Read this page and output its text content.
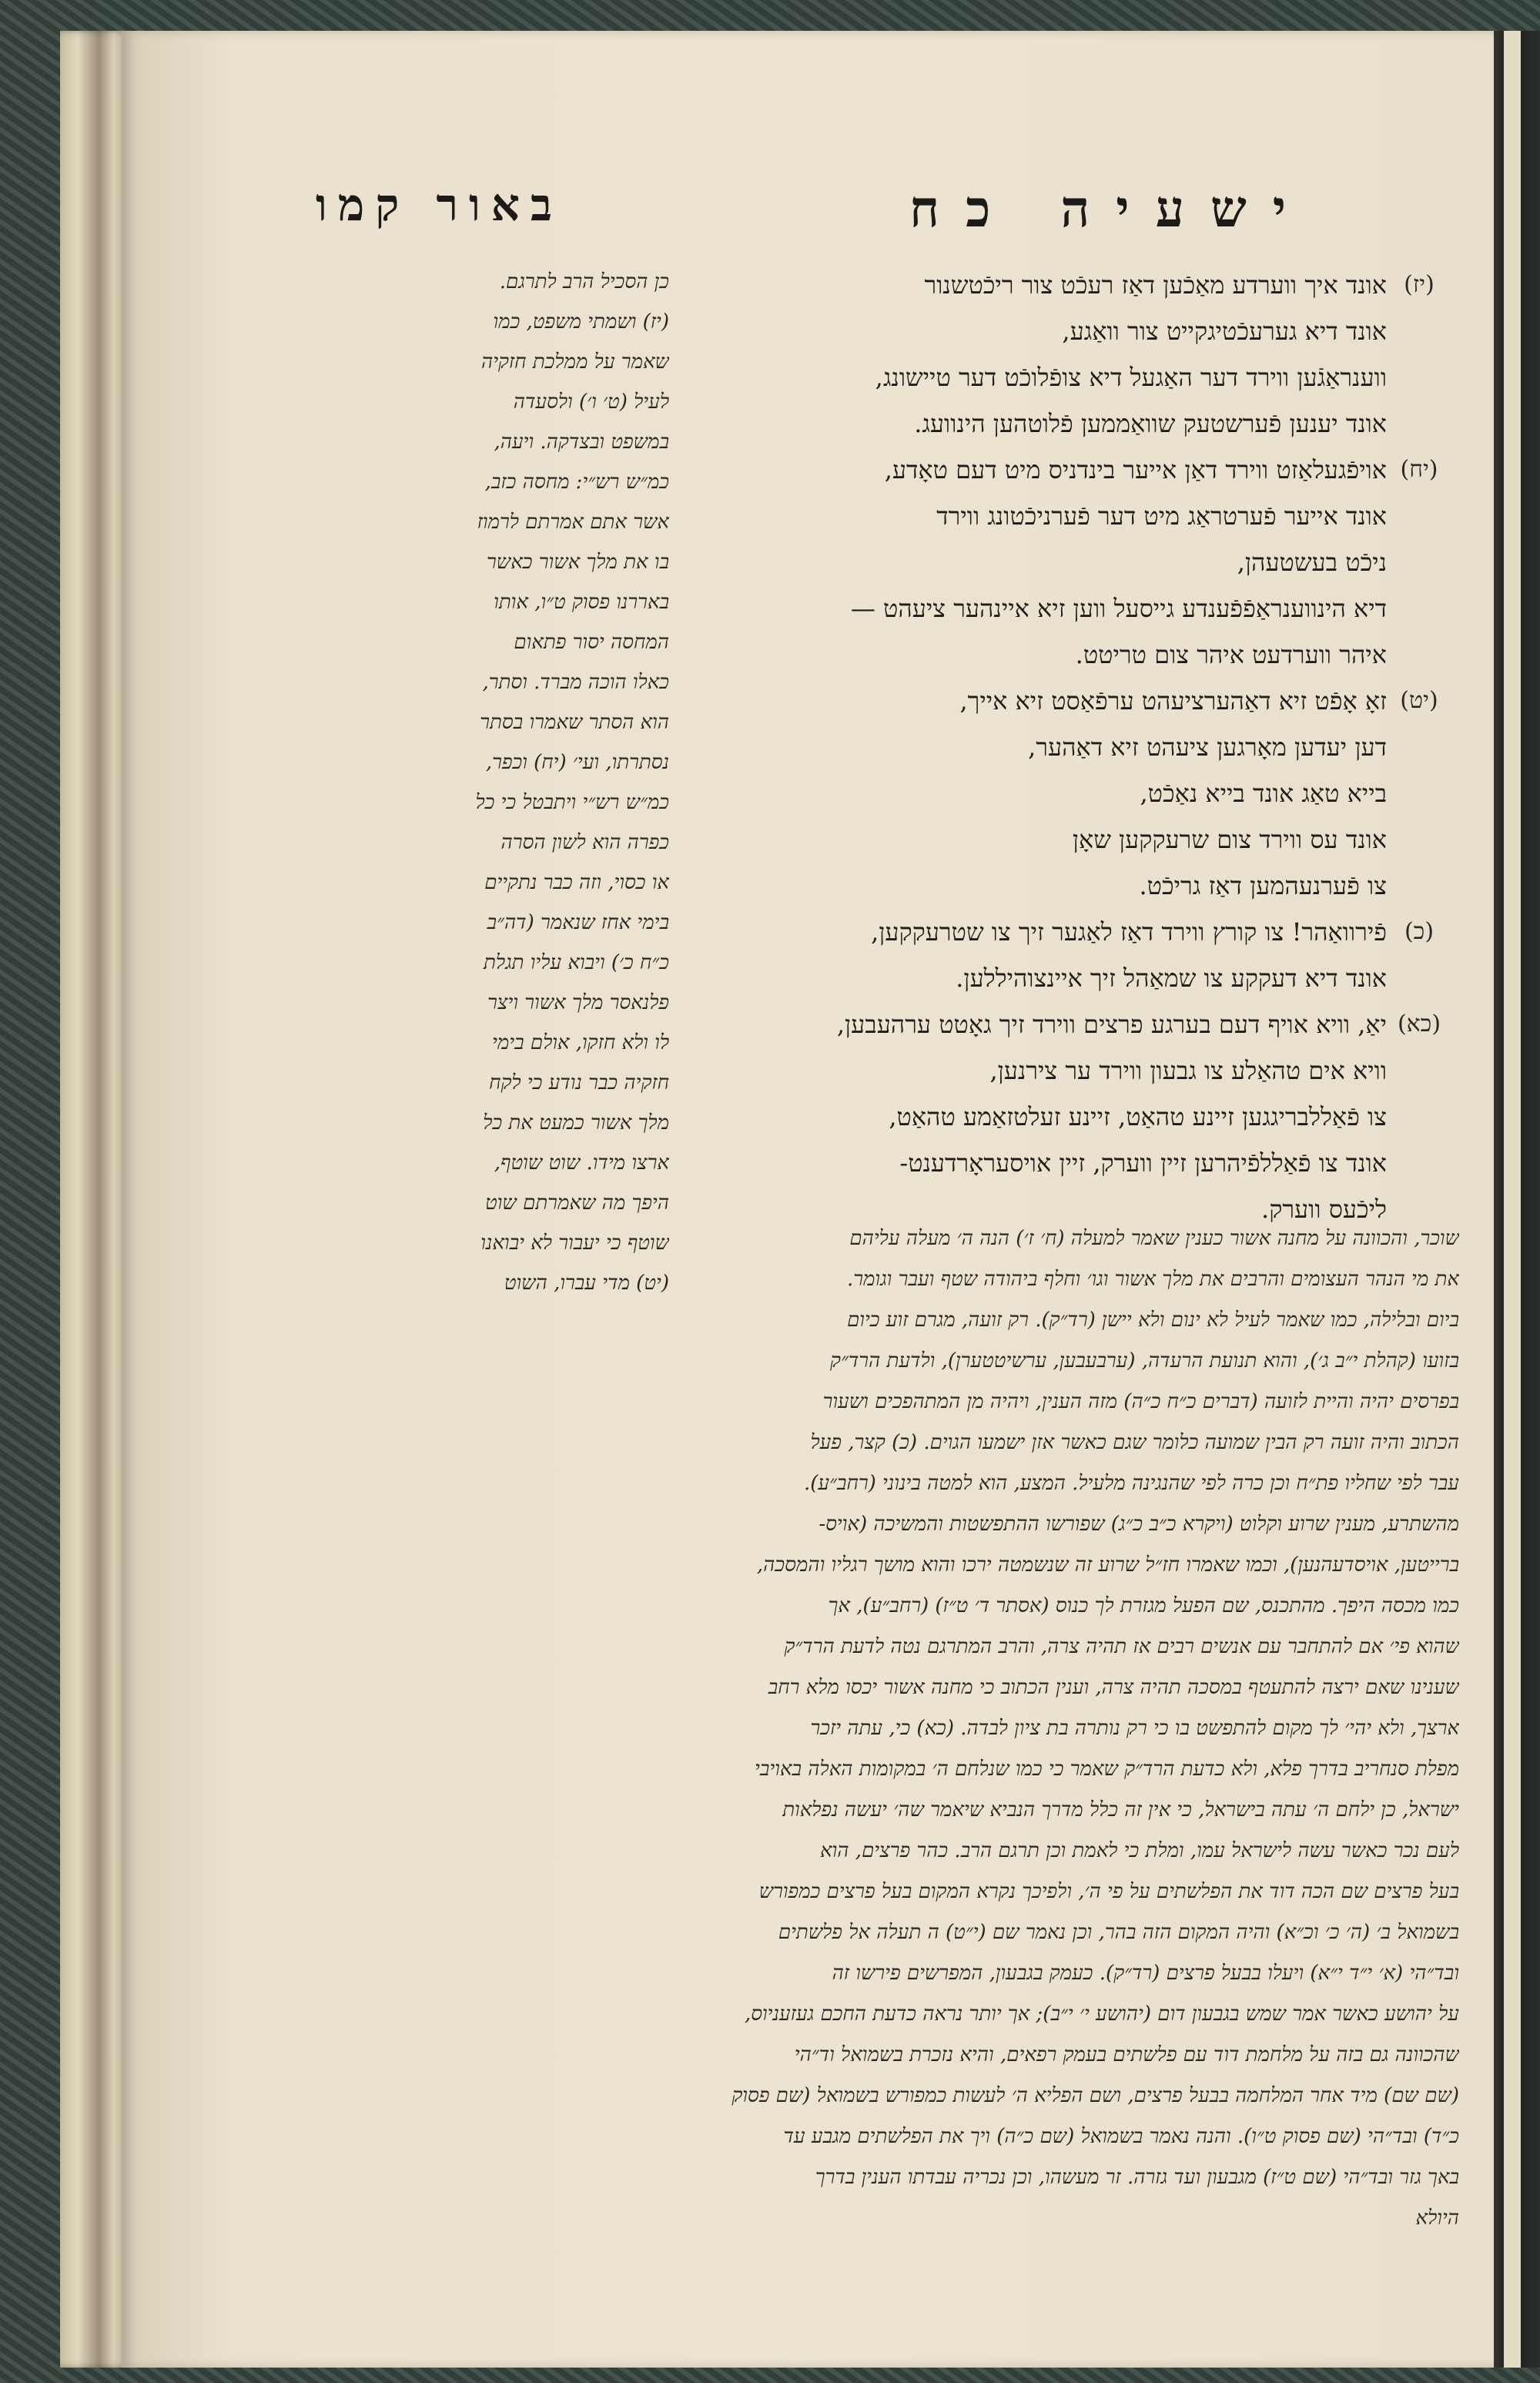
ישעיה כח
באור קמו
(יז)
אונד איך ווערדע מאַכֿען דאַז רעכֿט צור ריכֿטשנור
אונד דיא גערעכֿטיגקייט צור וואַגע,
ווענראַגֿען ווירד דער האַגעל דיא צופֿלוכֿט דער טיישונג,
אונד יענען פֿערשטעק שוואַממען פֿלוטהען הינוועג.
(יח)
אויפֿגעלאַזט ווירד דאַן אייער בינדניס מיט דעם טאָדע,
אונד אייער פֿערטראַג מיט דער פֿערניכֿטונג ווירד
ניכֿט בעשטעהן,
דיא הינווענראַפֿפֿענדע גייסעל ווען זיא איינהער ציעהט —
איהר ווערדעט איהר צום טריטט.
(יט)
זאָ אָפֿט זיא דאַהערציעהט ערפֿאַסט זיא אייך,
דען יעדען מאָרגען ציעהט זיא דאַהער,
בייא טאַג אונד בייא נאַכֿט,
אונד עס ווירד צום שרעקקען שאָן
צו פֿערנעהמען דאַז גריכֿט.
(כ)
פֿירוואַהר! צו קורץ ווירד דאַז לאַגער זיך צו שטרעקקען,
אונד דיא דעקקע צו שמאַהל זיך איינצוהיללען.
(כא)
יאַ, וויא אויף דעם בערגע פרצים ווירד זיך גאָטט ערהעבען,
וויא אים טהאַלע צו גבעון ווירד ער צירנען,
צו פֿאַללבריגגען זיינע טהאַט, זיינע זעלטזאַמע טהאַט,
אונד צו פֿאַללפֿיהרען זיין ווערק, זיין אויסעראָרדענט-
ליכֿעס ווערק.
כן הסכיל הרב לתרגם.
(יז) ושמתי משפט, כמו
שאמר על ממלכת חזקיה
לעיל (ט׳ ו׳) ולסעדה
במשפט ובצדקה. ויעה,
כמ״ש רש״י: מחסה כזב,
אשר אתם אמרתם לרמוז
בו את מלך אשור כאשר
באררנו פסוק ט״ו, אותו
המחסה יסור פתאום
כאלו הוכה מברד. וסתר,
הוא הסתר שאמרו בסתר
נסתרתו, ועי׳ (יח) וכפר,
כמ״ש רש״י ויתבטל כי כל
כפרה הוא לשון הסרה
או כסוי, וזה כבר נתקיים
בימי אחז שנאמר (דה״ב
כ״ח כ׳) ויבוא עליו תגלת
פלנאסר מלך אשור ויצר
לו ולא חזקו, אולם בימי
חזקיה כבר נודע כי לקח
מלך אשור כמעט את כל
ארצו מידו. שוט שוטף,
היפך מה שאמרתם שוט
שוטף כי יעבור לא יבואנו
(יט) מדי עברו, השוט
שוכר, והכוונה על מחנה אשור כענין שאמר למעלה (ח׳ ז׳) הנה ה׳ מעלה עליהם
את מי הנהר העצומים והרבים את מלך אשור וגו׳ וחלף ביהודה שטף ועבר וגומר.
ביום ובלילה, כמו שאמר לעיל לא ינום ולא יישן (רד״ק). רק זועה, מגרם זוע כיום
בזועו (קהלת י״ב ג׳), והוא תנועת הרעדה, (ערבעבען, ערשיטטערן), ולדעת הרד״ק
בפרסים יהיה והיית לזועה (דברים כ״ח כ״ה) מזה הענין, ויהיה מן המתהפכים ושעור
הכתוב והיה זועה רק הבין שמועה כלומר שגם כאשר אזן ישמעו הגוים. (כ) קצר, פעל
עבר לפי שחליו פת״ח וכן כרה לפי שהנגינה מלעיל. המצע, הוא למטה בינוני (רחב״ע).
מהשתרע, מענין שרוע וקלוט (ויקרא כ״ב כ״ג) שפורשו ההתפשטות והמשיכה (אויס-
ברייטען, אויסדעהנען), וכמו שאמרו חז״ל שרוע זה שנשמטה ירכו והוא מושך רגליו והמסכה,
כמו מכסה היפך. מהתכנס, שם הפעל מגזרת לך כנוס (אסתר ד׳ ט״ז) (רחב״ע), אך
שהוא פי׳ אם להתחבר עם אנשים רבים אז תהיה צרה, והרב המתרגם נטה לדעת הרד״ק
שענינו שאם ירצה להתעטף במסכה תהיה צרה, וענין הכתוב כי מחנה אשור יכסו מלא רחב
ארצך, ולא יהי׳ לך מקום להתפשט בו כי רק נותרה בת ציון לבדה. (כא) כי, עתה יזכר
מפלת סנחריב בדרך פלא, ולא כדעת הרד״ק שאמר כי כמו שנלחם ה׳ במקומות האלה באויבי
ישראל, כן ילחם ה׳ עתה בישראל, כי אין זה כלל מדרך הנביא שיאמר שה׳ יעשה נפלאות
לעם נכר כאשר עשה לישראל עמו, ומלת כי לאמת וכן תרגם הרב. כהר פרצים, הוא
בעל פרצים שם הכה דוד את הפלשתים על פי ה׳, ולפיכך נקרא המקום בעל פרצים כמפורש
בשמואל ב׳ (ה׳ כ׳ וכ״א) והיה המקום הזה בהר, וכן נאמר שם (י״ט) ה תעלה אל פלשתים
ובד״הי (א׳ י״ד י״א) ויעלו בבעל פרצים (רד״ק). כעמק בגבעון, המפרשים פירשו זה
על יהושע כאשר אמר שמש בגבעון דום (יהושע י׳ י״ב); אך יותר נראה כדעת החכם געזעניוס,
שהכוונה גם בזה על מלחמת דוד עם פלשתים בעמק רפאים, והיא נזכרת בשמואל וד״הי
(שם שם) מיד אחר המלחמה בבעל פרצים, ושם הפליא ה׳ לעשות כמפורש בשמואל (שם פסוק
כ״ד) ובד״הי (שם פסוק ט״ו). והנה נאמר בשמואל (שם כ״ה) ויך את הפלשתים מגבע עד
באך גזר ובד״הי (שם ט״ז) מגבעון ועד גזרה. זר מעשהו, וכן נכריה עבדתו הענין בדרך
היולא
